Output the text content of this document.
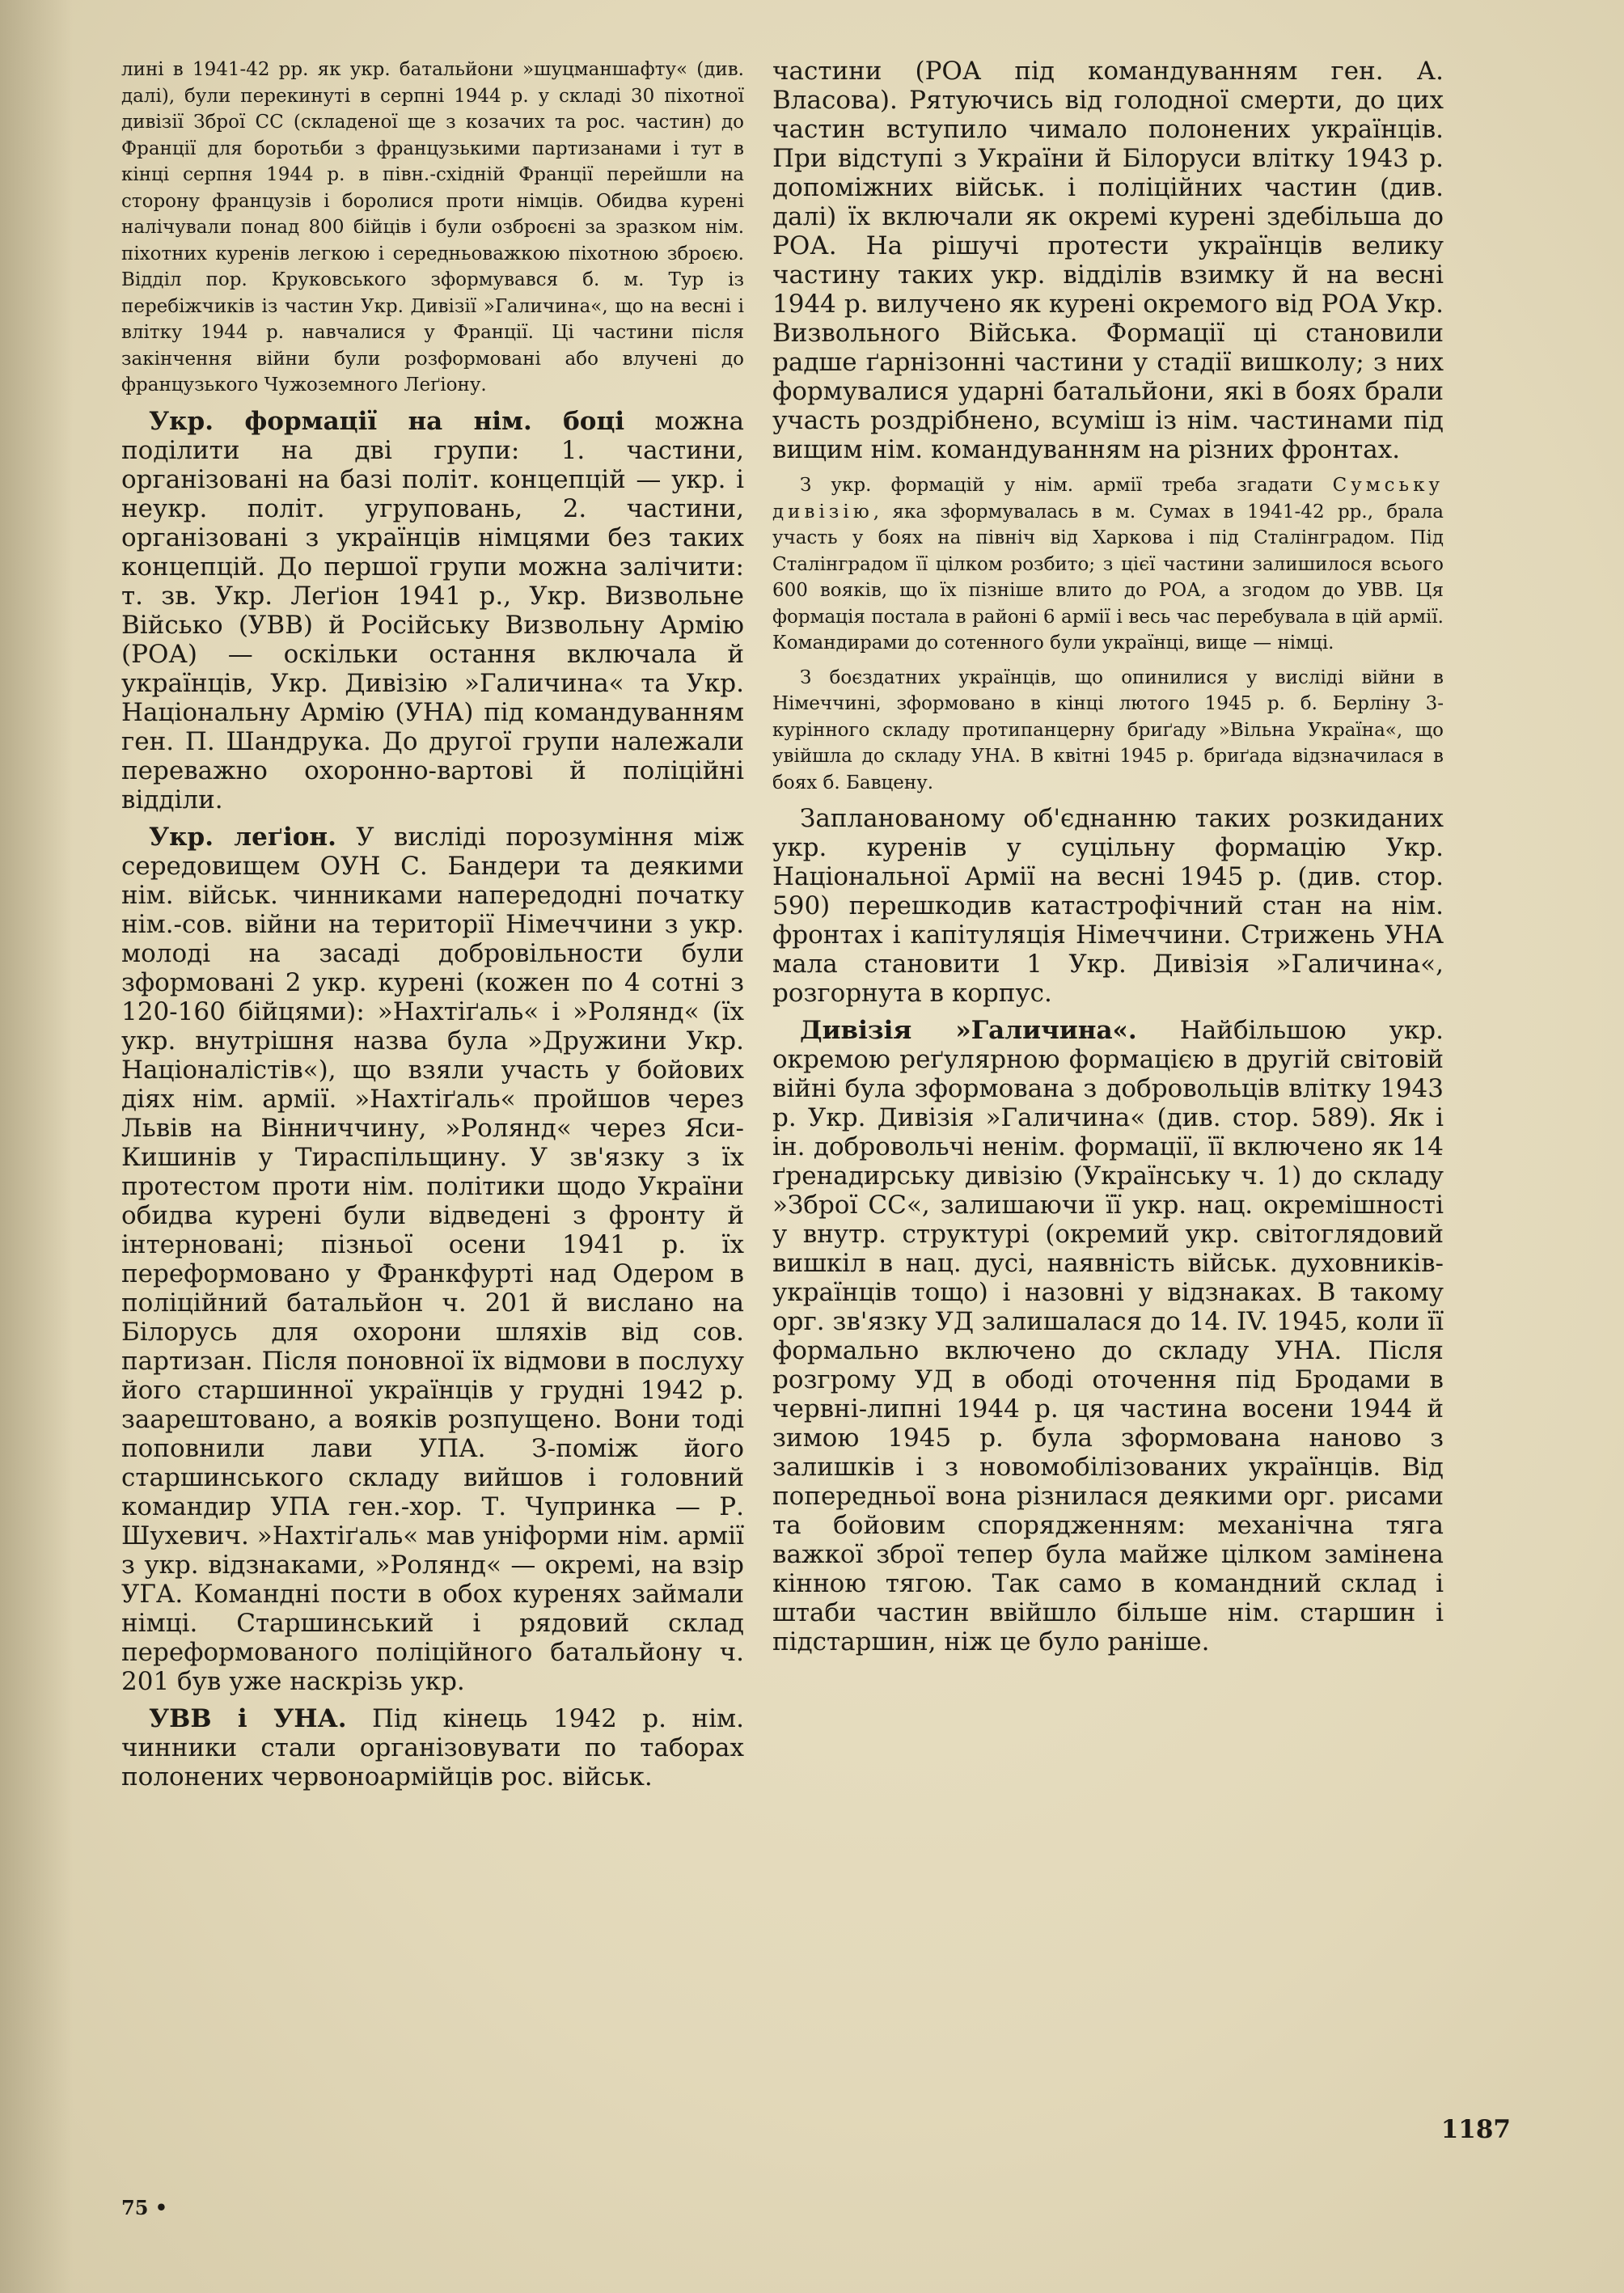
лині в 1941-42 рр. як укр. батальйони »шуцманшафту« (див. далі), були перекинуті в серпні 1944 р. у складі 30 піхотної дивізії Зброї СС (складеної ще з козачих та рос. частин) до Франції для боротьби з французькими партизанами і тут в кінці серпня 1944 р. в півн.-східній Франції перейшли на сторону французів і боролися проти німців. Обидва курені налічували понад 800 бійців і були озброєні за зразком нім. піхотних куренів легкою і середньоважкою піхотною зброєю. Відділ пор. Круковського зформувався б. м. Тур із перебіжчиків із частин Укр. Дивізії »Галичина«, що на весні і влітку 1944 р. навчалися у Франції. Ці частини після закінчення війни були розформовані або влучені до французького Чужоземного Леґіону.

Укр. формації на нім. боці можна поділити на дві групи: 1. частини, організовані на базі політ. концепцій — укр. і неукр. політ. угруповань, 2. частини, організовані з українців німцями без таких концепцій. До першої групи можна залічити: т. зв. Укр. Леґіон 1941 р., Укр. Визвольне Військо (УВВ) й Російську Визвольну Армію (РОА) — оскільки остання включала й українців, Укр. Дивізію »Галичина« та Укр. Національну Армію (УНА) під командуванням ген. П. Шандрука. До другої групи належали переважно охоронно-вартові й поліційні відділи.

Укр. леґіон. У висліді порозуміння між середовищем ОУН С. Бандери та деякими нім. військ. чинниками напередодні початку нім.-сов. війни на території Німеччини з укр. молоді на засаді добровільности були зформовані 2 укр. курені (кожен по 4 сотні з 120-160 бійцями): »Нахтіґаль« і »Ролянд« (їх укр. внутрішня назва була »Дружини Укр. Націоналістів«), що взяли участь у бойових діях нім. армії. »Нахтіґаль« пройшов через Львів на Вінниччину, »Ролянд« через Яси-Кишинів у Тираспільщину. У зв'язку з їх протестом проти нім. політики щодо України обидва курені були відведені з фронту й інтерновані; пізньої осени 1941 р. їх переформовано у Франкфурті над Одером в поліційний батальйон ч. 201 й вислано на Білорусь для охорони шляхів від сов. партизан. Після поновної їх відмови в послуху його старшинної українців у грудні 1942 р. заарештовано, а вояків розпущено. Вони тоді поповнили лави УПА. З-поміж його старшинського складу вийшов і головний командир УПА ген.-хор. Т. Чупринка — Р. Шухевич. »Нахтіґаль« мав уніформи нім. армії з укр. відзнаками, »Ролянд« — окремі, на взір УГА. Командні пости в обох куренях займали німці. Старшинський і рядовий склад переформованого поліційного батальйону ч. 201 був уже наскрізь укр.

УВВ і УНА. Під кінець 1942 р. нім. чинники стали організовувати по таборах полонених червоноармійців рос. військ.

частини (РОА під командуванням ген. А. Власова). Рятуючись від голодної смерти, до цих частин вступило чимало полонених українців. При відступі з України й Білоруси влітку 1943 р. допоміжних військ. і поліційних частин (див. далі) їх включали як окремі курені здебільша до РОА. На рішучі протести українців велику частину таких укр. відділів взимку й на весні 1944 р. вилучено як курені окремого від РОА Укр. Визвольного Війська. Формації ці становили радше ґарнізонні частини у стадії вишколу; з них формувалися ударні батальйони, які в боях брали участь роздрібнено, всуміш із нім. частинами під вищим нім. командуванням на різних фронтах.

З укр. формацій у нім. армії треба згадати Сумську дивізію, яка зформувалась в м. Сумах в 1941-42 рр., брала участь у боях на північ від Харкова і під Сталінградом. Під Сталінградом її цілком розбито; з цієї частини залишилося всього 600 вояків, що їх пізніше влито до РОА, а згодом до УВВ. Ця формація постала в районі 6 армії і весь час перебувала в цій армії. Командирами до сотенного були українці, вище — німці.

З боєздатних українців, що опинилися у висліді війни в Німеччині, зформовано в кінці лютого 1945 р. б. Берліну 3-курінного складу протипанцерну бриґаду »Вільна Україна«, що увійшла до складу УНА. В квітні 1945 р. бриґада відзначилася в боях б. Бавцену.

Запланованому об'єднанню таких розкиданих укр. куренів у суцільну формацію Укр. Національної Армії на весні 1945 р. (див. стор. 590) перешкодив катастрофічний стан на нім. фронтах і капітуляція Німеччини. Стрижень УНА мала становити 1 Укр. Дивізія »Галичина«, розгорнута в корпус.

Дивізія »Галичина«. Найбільшою укр. окремою реґулярною формацією в другій світовій війні була зформована з добровольців влітку 1943 р. Укр. Дивізія »Галичина« (див. стор. 589). Як і ін. добровольчі ненім. формації, її включено як 14 ґренадирську дивізію (Українську ч. 1) до складу »Зброї СС«, залишаючи її укр. нац. окремішності у внутр. структурі (окремий укр. світоглядовий вишкіл в нац. дусі, наявність військ. духовників-українців тощо) і назовні у відзнаках. В такому орг. зв'язку УД залишалася до 14. IV. 1945, коли її формально включено до складу УНА. Після розгрому УД в ободі оточення під Бродами в червні-липні 1944 р. ця частина восени 1944 й зимою 1945 р. була зформована наново з залишків і з новомобілізованих українців. Від попередньої вона різнилася деякими орг. рисами та бойовим спорядженням: механічна тяга важкої зброї тепер була майже цілком замінена кінною тягою. Так само в командний склад і штаби частин ввійшло більше нім. старшин і підстаршин, ніж це було раніше.

1187
75 •
